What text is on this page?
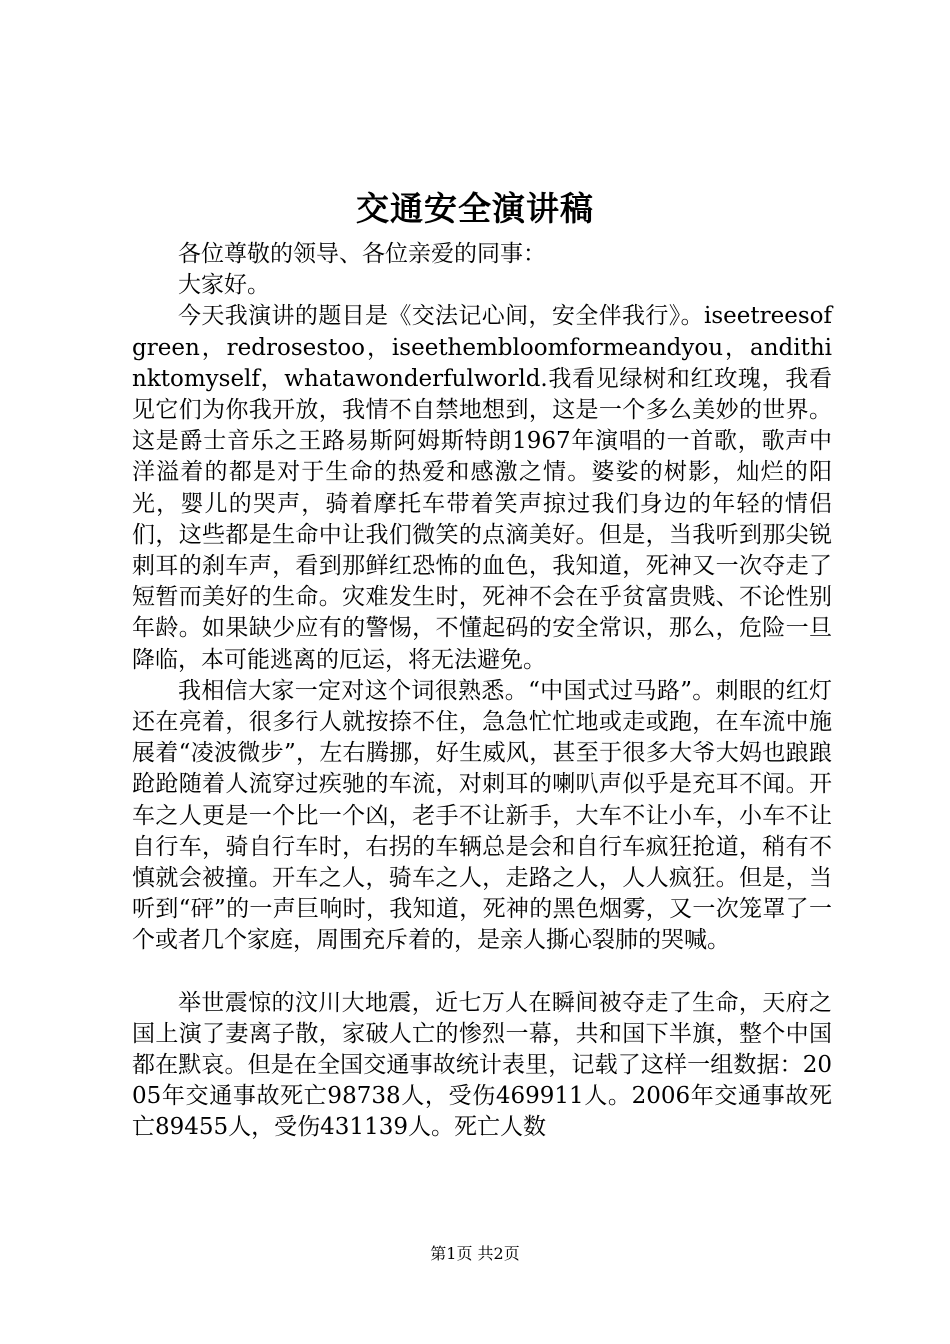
交通安全演讲稿

各位尊敬的领导、各位亲爱的同事：

大家好。

今天我演讲的题目是《交法记心间，安全伴我行》。iseetreesofgreen，redrosestoo，iseethembloomformeandyou，andithinktomyself，whatawonderfulworld.我看见绿树和红玫瑰，我看见它们为你我开放，我情不自禁地想到，这是一个多么美妙的世界。这是爵士音乐之王路易斯阿姆斯特朗1967年演唱的一首歌，歌声中洋溢着的都是对于生命的热爱和感激之情。婆娑的树影，灿烂的阳光，婴儿的哭声，骑着摩托车带着笑声掠过我们身边的年轻的情侣们，这些都是生命中让我们微笑的点滴美好。但是，当我听到那尖锐刺耳的刹车声，看到那鲜红恐怖的血色，我知道，死神又一次夺走了短暂而美好的生命。灾难发生时，死神不会在乎贫富贵贱、不论性别年龄。如果缺少应有的警惕，不懂起码的安全常识，那么，危险一旦降临，本可能逃离的厄运，将无法避免。

我相信大家一定对这个词很熟悉。“中国式过马路”。刺眼的红灯还在亮着，很多行人就按捺不住，急急忙忙地或走或跑，在车流中施展着“凌波微步”，左右腾挪，好生威风，甚至于很多大爷大妈也踉踉跄跄随着人流穿过疾驰的车流，对刺耳的喇叭声似乎是充耳不闻。开车之人更是一个比一个凶，老手不让新手，大车不让小车，小车不让自行车，骑自行车时，右拐的车辆总是会和自行车疯狂抢道，稍有不慎就会被撞。开车之人，骑车之人，走路之人，人人疯狂。但是，当听到“砰”的一声巨响时，我知道，死神的黑色烟雾，又一次笼罩了一个或者几个家庭，周围充斥着的，是亲人撕心裂肺的哭喊。

举世震惊的汶川大地震，近七万人在瞬间被夺走了生命，天府之国上演了妻离子散，家破人亡的惨烈一幕，共和国下半旗，整个中国都在默哀。但是在全国交通事故统计表里，记载了这样一组数据：2005年交通事故死亡98738人，受伤469911人。2006年交通事故死亡89455人，受伤431139人。死亡人数

第1页 共2页
